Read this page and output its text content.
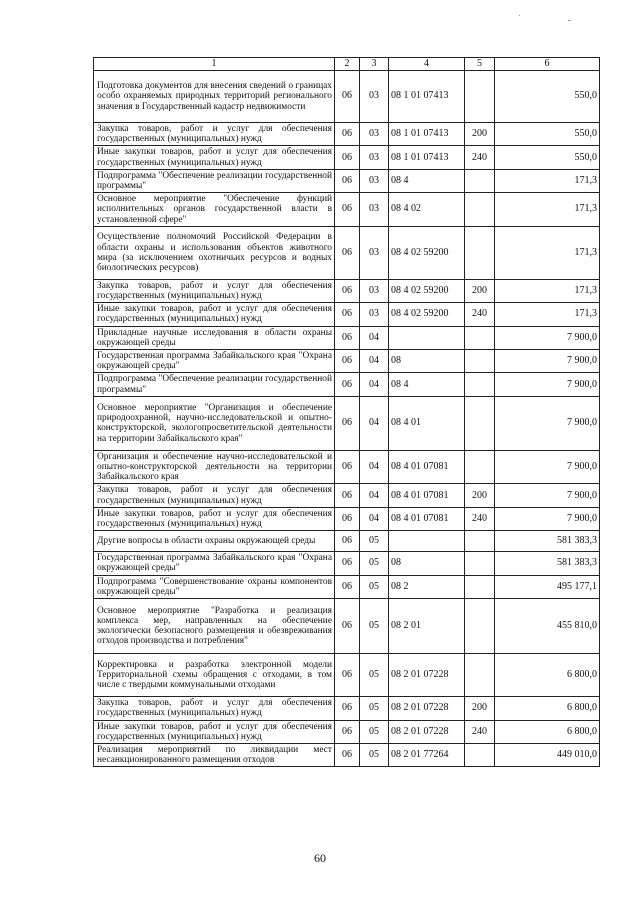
1	2	3	4	5	6
Подготовка документов для внесения сведений о границах особо охраняемых природных территорий регионального значения в Государственный кадастр недвижимости	06	03	08 1 01 07413		550,0
Закупка товаров, работ и услуг для обеспечения государственных (муниципальных) нужд	06	03	08 1 01 07413	200	550,0
Иные закупки товаров, работ и услуг для обеспечения государственных (муниципальных) нужд	06	03	08 1 01 07413	240	550,0
Подпрограмма "Обеспечение реализации государственной программы"	06	03	08 4		171,3
Основное мероприятие "Обеспечение функций исполнительных органов государственной власти в установленной сфере"	06	03	08 4 02		171,3
Осуществление полномочий Российской Федерации в области охраны и использования объектов животного мира (за исключением охотничьих ресурсов и водных биологических ресурсов)	06	03	08 4 02 59200		171,3
Закупка товаров, работ и услуг для обеспечения государственных (муниципальных) нужд	06	03	08 4 02 59200	200	171,3
Иные закупки товаров, работ и услуг для обеспечения государственных (муниципальных) нужд	06	03	08 4 02 59200	240	171,3
Прикладные научные исследования в области охраны окружающей среды	06	04			7 900,0
Государственная программа Забайкальского края "Охрана окружающей среды"	06	04	08		7 900,0
Подпрограмма "Обеспечение реализации государственной программы"	06	04	08 4		7 900,0
Основное мероприятие "Организация и обеспечение природоохранной, научно-исследовательской и опытно-конструкторской, экологопросветительской деятельности на территории Забайкальского края"	06	04	08 4 01		7 900,0
Организация и обеспечение научно-исследовательской и опытно-конструкторской деятельности на территории Забайкальского края	06	04	08 4 01 07081		7 900,0
Закупка товаров, работ и услуг для обеспечения государственных (муниципальных) нужд	06	04	08 4 01 07081	200	7 900,0
Иные закупки товаров, работ и услуг для обеспечения государственных (муниципальных) нужд	06	04	08 4 01 07081	240	7 900,0
Другие вопросы в области охраны окружающей среды	06	05			581 383,3
Государственная программа Забайкальского края "Охрана окружающей среды"	06	05	08		581 383,3
Подпрограмма "Совершенствование охраны компонентов окружающей среды"	06	05	08 2		495 177,1
Основное мероприятие "Разработка и реализация комплекса мер, направленных на обеспечение экологически безопасного размещения и обезвреживания отходов производства и потребления"	06	05	08 2 01		455 810,0
Корректировка и разработка электронной модели Территориальной схемы обращения с отходами, в том числе с твердыми коммунальными отходами	06	05	08 2 01 07228		6 800,0
Закупка товаров, работ и услуг для обеспечения государственных (муниципальных) нужд	06	05	08 2 01 07228	200	6 800,0
Иные закупки товаров, работ и услуг для обеспечения государственных (муниципальных) нужд	06	05	08 2 01 07228	240	6 800,0
Реализация мероприятий по ликвидации мест несанкционированного размещения отходов	06	05	08 2 01 77264		449 010,0
60
